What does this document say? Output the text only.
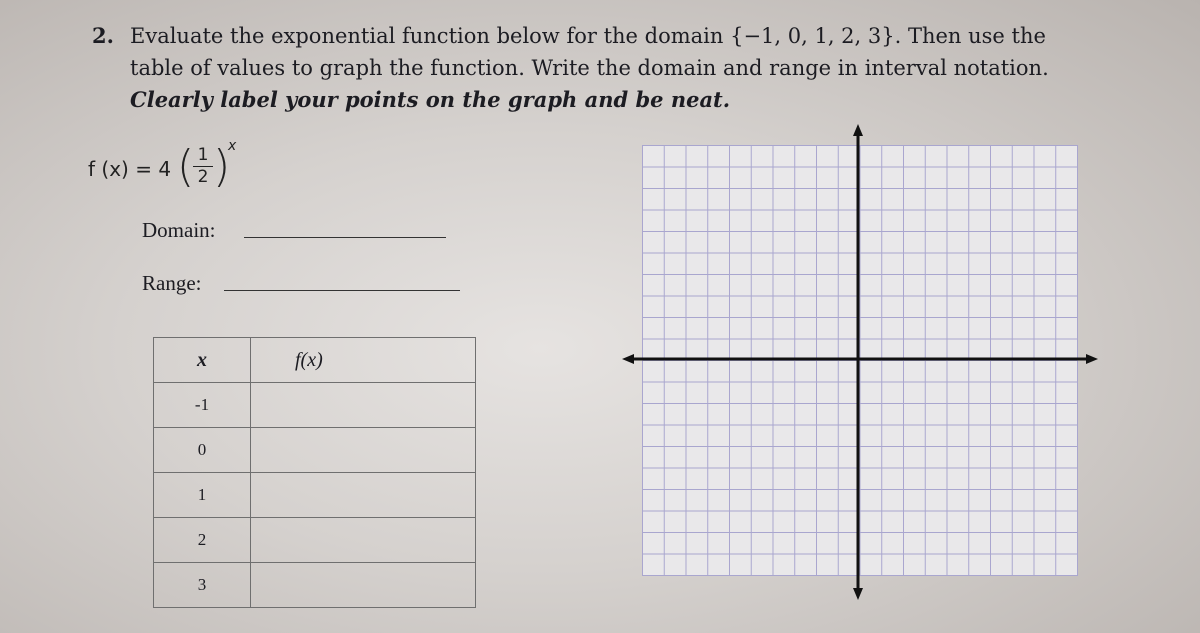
2. Evaluate the exponential function below for the domain {−1, 0, 1, 2, 3}. Then use the table of values to graph the function. Write the domain and range in interval notation. Clearly label your points on the graph and be neat.
f (x) = 4 ( 1
2 )
x
Domain:
Range:
x	f(x)
-1	
0	
1	
2	
3	
